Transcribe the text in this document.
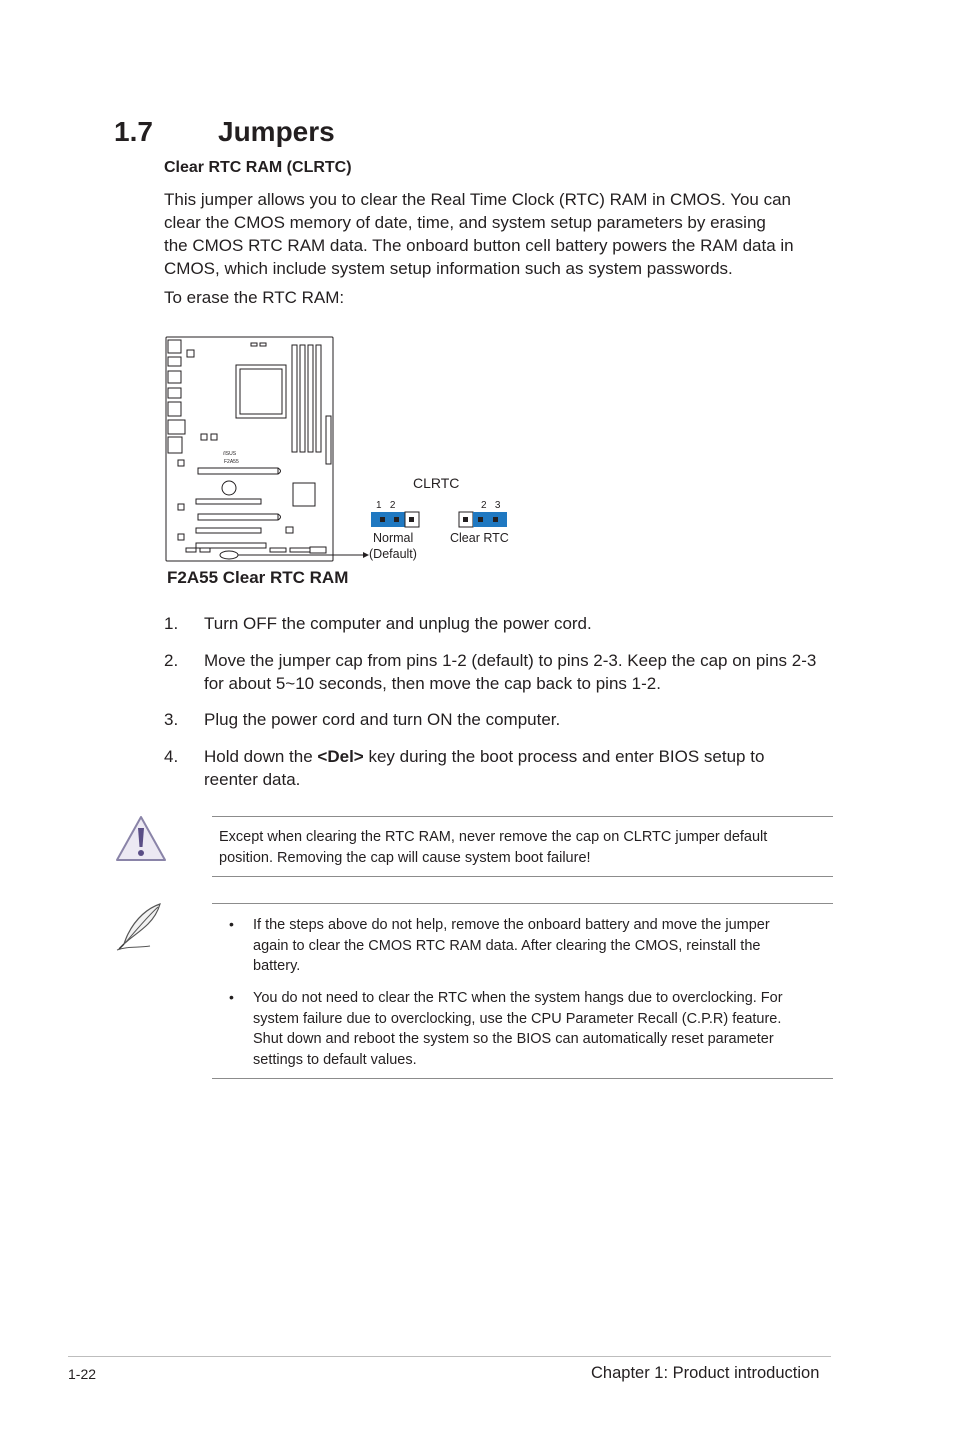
1.7 Jumpers
Clear RTC RAM (CLRTC)
This jumper allows you to clear the Real Time Clock (RTC) RAM in CMOS. You can
clear the CMOS memory of date, time, and system setup parameters by erasing
the CMOS RTC RAM data. The onboard button cell battery powers the RAM data in
CMOS, which include system setup information such as system passwords.
To erase the RTC RAM:
/ISUS
F2A55
CLRTC
1   2	2   3
Normal
(Default)
Clear RTC
F2A55 Clear RTC RAM
1. Turn OFF the computer and unplug the power cord.
2. Move the jumper cap from pins 1-2 (default) to pins 2-3. Keep the cap on pins 2-3
for about 5~10 seconds, then move the cap back to pins 1-2.
3. Plug the power cord and turn ON the computer.
4. Hold down the <Del> key during the boot process and enter BIOS setup to
reenter data.
Except when clearing the RTC RAM, never remove the cap on CLRTC jumper default
position. Removing the cap will cause system boot failure!
• If the steps above do not help, remove the onboard battery and move the jumper
again to clear the CMOS RTC RAM data. After clearing the CMOS, reinstall the
battery.
• You do not need to clear the RTC when the system hangs due to overclocking. For
system failure due to overclocking, use the CPU Parameter Recall (C.P.R) feature.
Shut down and reboot the system so the BIOS can automatically reset parameter
settings to default values.
1-22	Chapter 1: Product introduction
